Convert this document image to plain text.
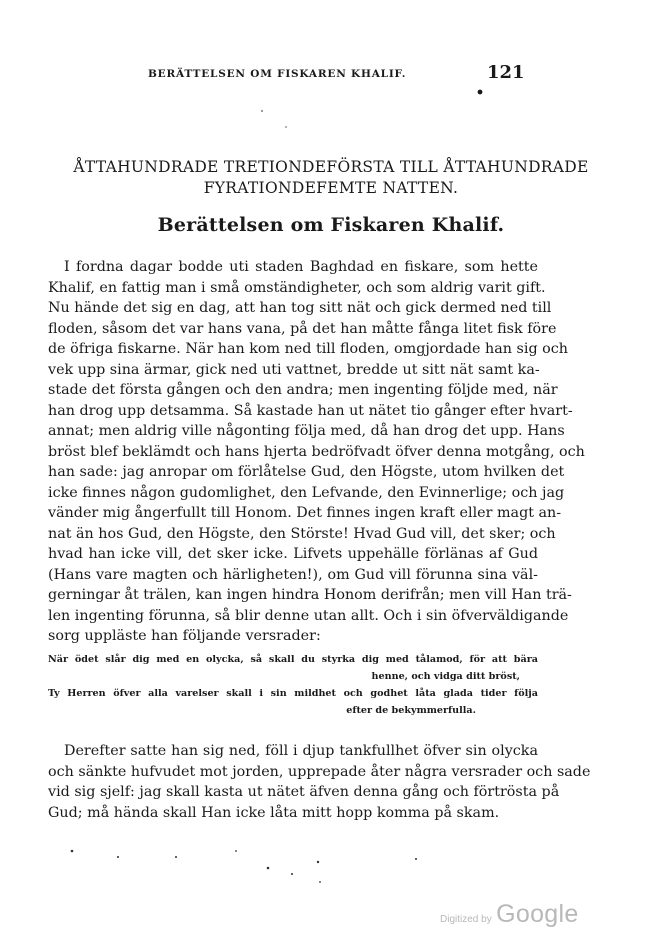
BERÄTTELSEN OM FISKAREN KHALIF.	121
ÅTTAHUNDRADE TRETIONDEFÖRSTA TILL ÅTTAHUNDRADE
FYRATIONDEFEMTE NATTEN.
Berättelsen om Fiskaren Khalif.
I fordna dagar bodde uti staden Baghdad en fiskare, som hette
Khalif, en fattig man i små omständigheter, och som aldrig varit gift.
Nu hände det sig en dag, att han tog sitt nät och gick dermed ned till
floden, såsom det var hans vana, på det han måtte fånga litet fisk före
de öfriga fiskarne. När han kom ned till floden, omgjordade han sig och
vek upp sina ärmar, gick ned uti vattnet, bredde ut sitt nät samt ka-
stade det första gången och den andra; men ingenting följde med, när
han drog upp detsamma. Så kastade han ut nätet tio gånger efter hvart-
annat; men aldrig ville någonting följa med, då han drog det upp. Hans
bröst blef beklämdt och hans hjerta bedröfvadt öfver denna motgång, och
han sade: jag anropar om förlåtelse Gud, den Högste, utom hvilken det
icke finnes någon gudomlighet, den Lefvande, den Evinnerlige; och jag
vänder mig ångerfullt till Honom. Det finnes ingen kraft eller magt an-
nat än hos Gud, den Högste, den Störste! Hvad Gud vill, det sker; och
hvad han icke vill, det sker icke. Lifvets uppehälle förlänas af Gud
(Hans vare magten och härligheten!), om Gud vill förunna sina väl-
gerningar åt trälen, kan ingen hindra Honom derifrån; men vill Han trä-
len ingenting förunna, så blir denne utan allt. Och i sin öfverväldigande
sorg uppläste han följande versrader:
När ödet slår dig med en olycka, så skall du styrka dig med tålamod, för att bära
henne, och vidga ditt bröst,
Ty Herren öfver alla varelser skall i sin mildhet och godhet låta glada tider följa
efter de bekymmerfulla.
Derefter satte han sig ned, föll i djup tankfullhet öfver sin olycka
och sänkte hufvudet mot jorden, upprepade åter några versrader och sade
vid sig sjelf: jag skall kasta ut nätet äfven denna gång och förtrösta på
Gud; må hända skall Han icke låta mitt hopp komma på skam.
Digitized by Google
